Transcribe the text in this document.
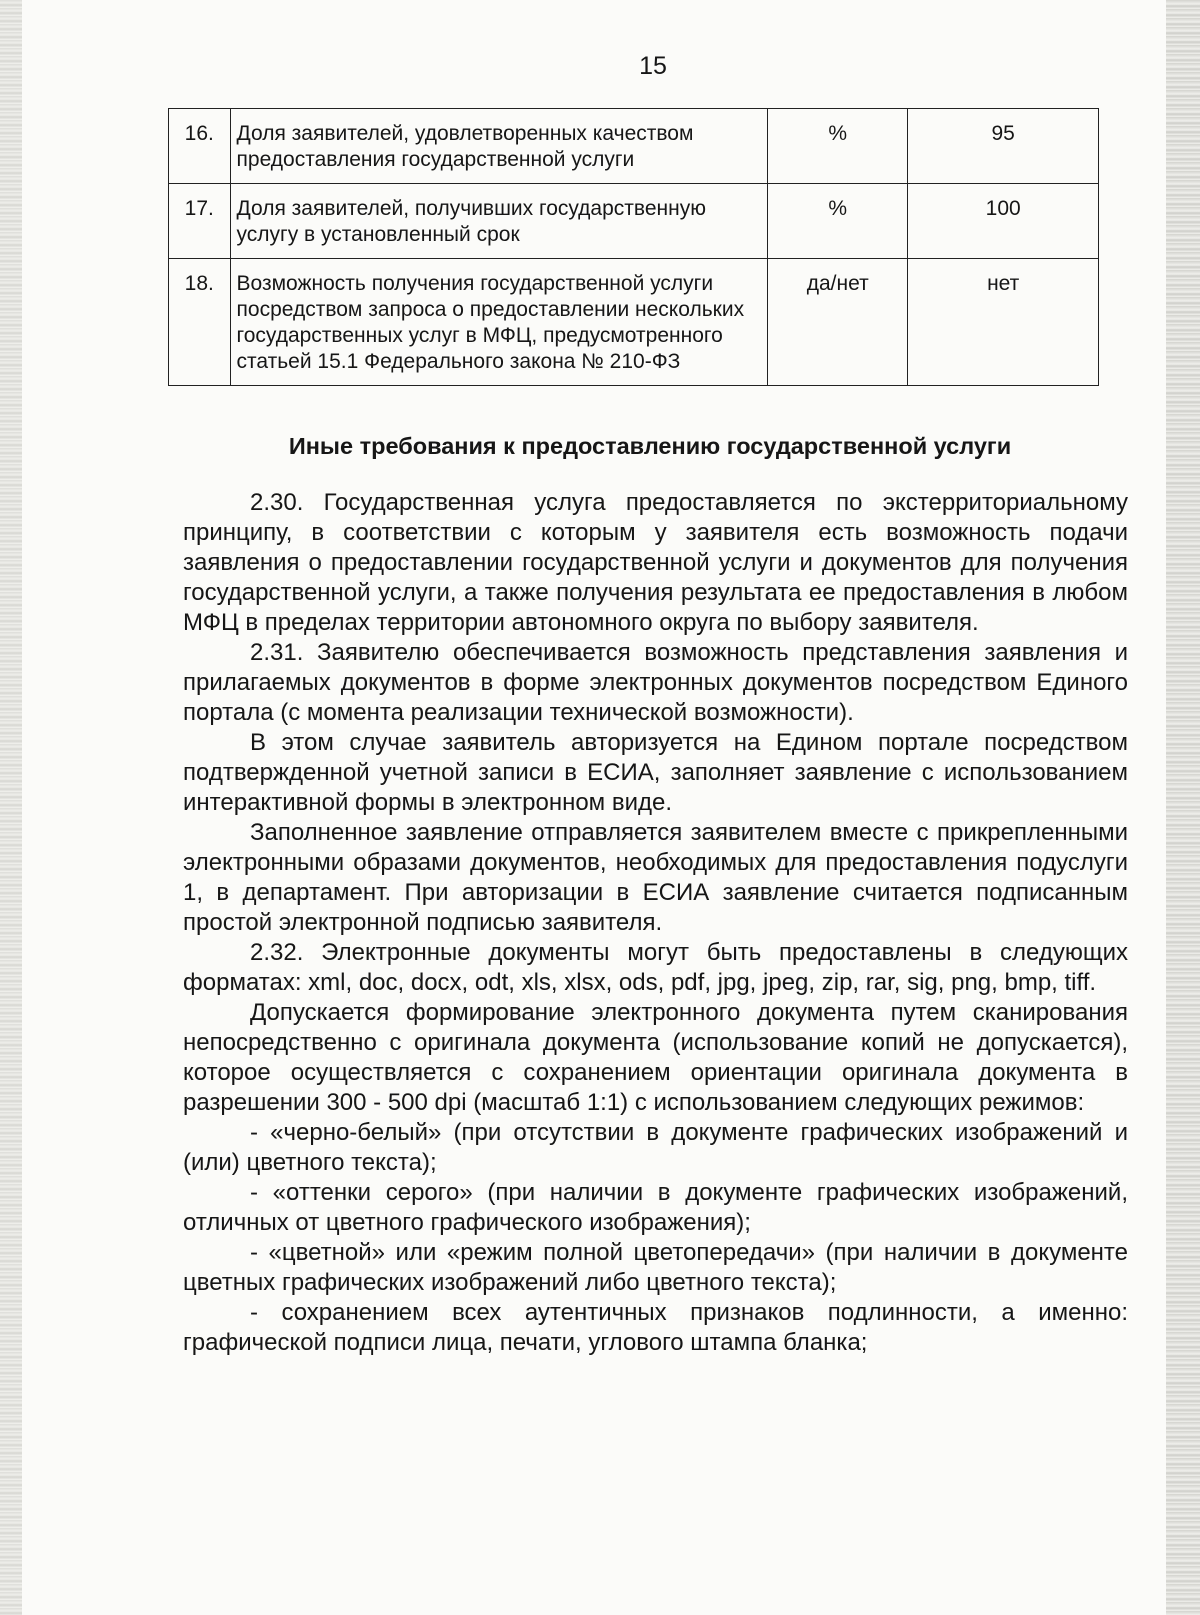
15
16.	Доля заявителей, удовлетворенных качеством предоставления государственной услуги	%	95
17.	Доля заявителей, получивших государственную услугу в установленный срок	%	100
18.	Возможность получения государственной услуги посредством запроса о предоставлении нескольких государственных услуг в МФЦ, предусмотренного статьей 15.1 Федерального закона № 210-ФЗ	да/нет	нет
Иные требования к предоставлению государственной услуги

2.30. Государственная услуга предоставляется по экстерриториальному принципу, в соответствии с которым у заявителя есть возможность подачи заявления о предоставлении государственной услуги и документов для получения государственной услуги, а также получения результата ее предоставления в любом МФЦ в пределах территории автономного округа по выбору заявителя.

2.31. Заявителю обеспечивается возможность представления заявления и прилагаемых документов в форме электронных документов посредством Единого портала (с момента реализации технической возможности).

В этом случае заявитель авторизуется на Едином портале посредством подтвержденной учетной записи в ЕСИА, заполняет заявление с использованием интерактивной формы в электронном виде.

Заполненное заявление отправляется заявителем вместе с прикрепленными электронными образами документов, необходимых для предоставления подуслуги 1, в департамент. При авторизации в ЕСИА заявление считается подписанным простой электронной подписью заявителя.

2.32. Электронные документы могут быть предоставлены в следующих форматах: xml, doc, docx, odt, xls, xlsx, ods, pdf, jpg, jpeg, zip, rar, sig, png, bmp, tiff.

Допускается формирование электронного документа путем сканирования непосредственно с оригинала документа (использование копий не допускается), которое осуществляется с сохранением ориентации оригинала документа в разрешении 300 - 500 dpi (масштаб 1:1) с использованием следующих режимов:

- «черно-белый» (при отсутствии в документе графических изображений и (или) цветного текста);

- «оттенки серого» (при наличии в документе графических изображений, отличных от цветного графического изображения);

- «цветной» или «режим полной цветопередачи» (при наличии в документе цветных графических изображений либо цветного текста);

- сохранением всех аутентичных признаков подлинности, а именно: графической подписи лица, печати, углового штампа бланка;
